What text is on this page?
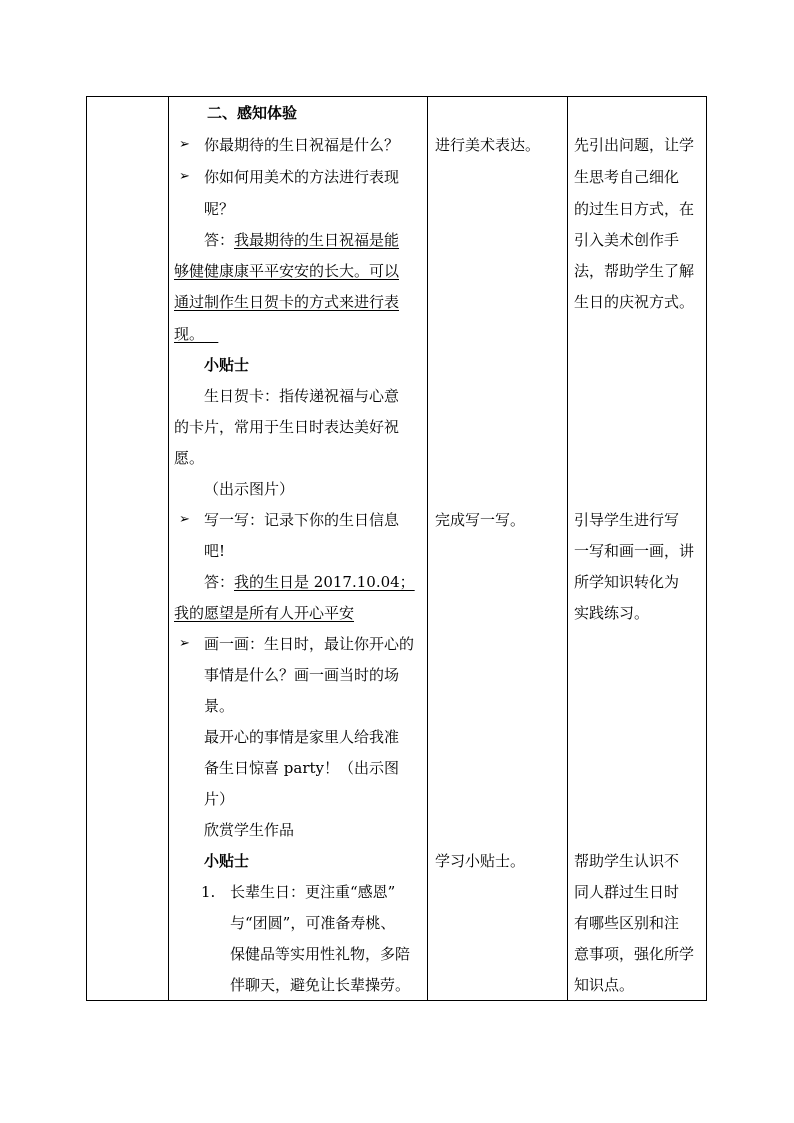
二、感知体验
➢ 你最期待的生日祝福是什么？
➢ 你如何用美术的方法进行表现
呢？
答：我最期待的生日祝福是能
够健健康康平平安安的长大。可以
通过制作生日贺卡的方式来进行表
现。
小贴士
生日贺卡：指传递祝福与心意
的卡片，常用于生日时表达美好祝
愿。
（出示图片）
➢ 写一写：记录下你的生日信息
吧!
答：我的生日是 2017.10.04；
我的愿望是所有人开心平安
➢ 画一画：生日时，最让你开心的
事情是什么？画一画当时的场
景。
最开心的事情是家里人给我准
备生日惊喜 party！（出示图
片）
欣赏学生作品
小贴士
1. 长辈生日：更注重“感恩”
与“团圆”，可准备寿桃、
保健品等实用性礼物，多陪
伴聊天，避免让长辈操劳。
进行美术表达。
完成写一写。
学习小贴士。
先引出问题，让学
生思考自己细化
的过生日方式，在
引入美术创作手
法，帮助学生了解
生日的庆祝方式。
引导学生进行写
一写和画一画，讲
所学知识转化为
实践练习。
帮助学生认识不
同人群过生日时
有哪些区别和注
意事项，强化所学
知识点。
